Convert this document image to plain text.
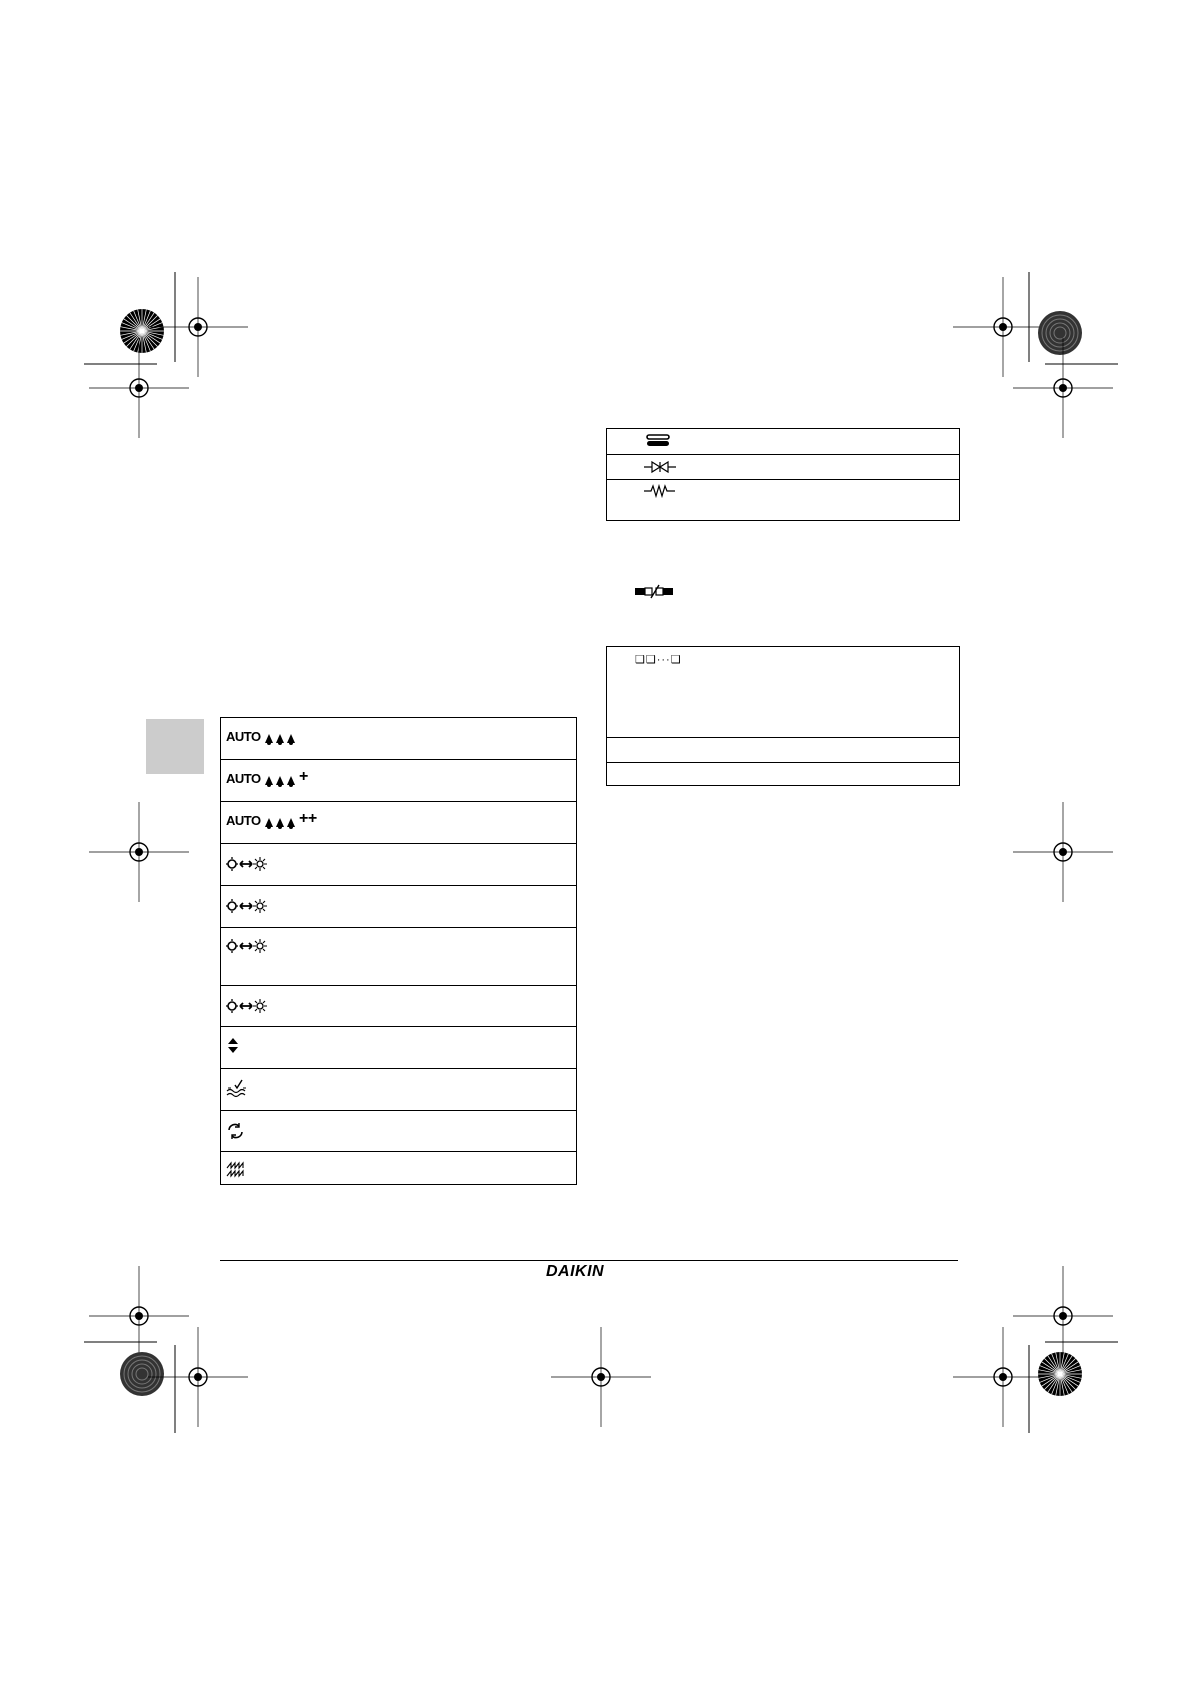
AUTO
AUTO +
AUTO ++
❑❑···❑
DAIKIN
